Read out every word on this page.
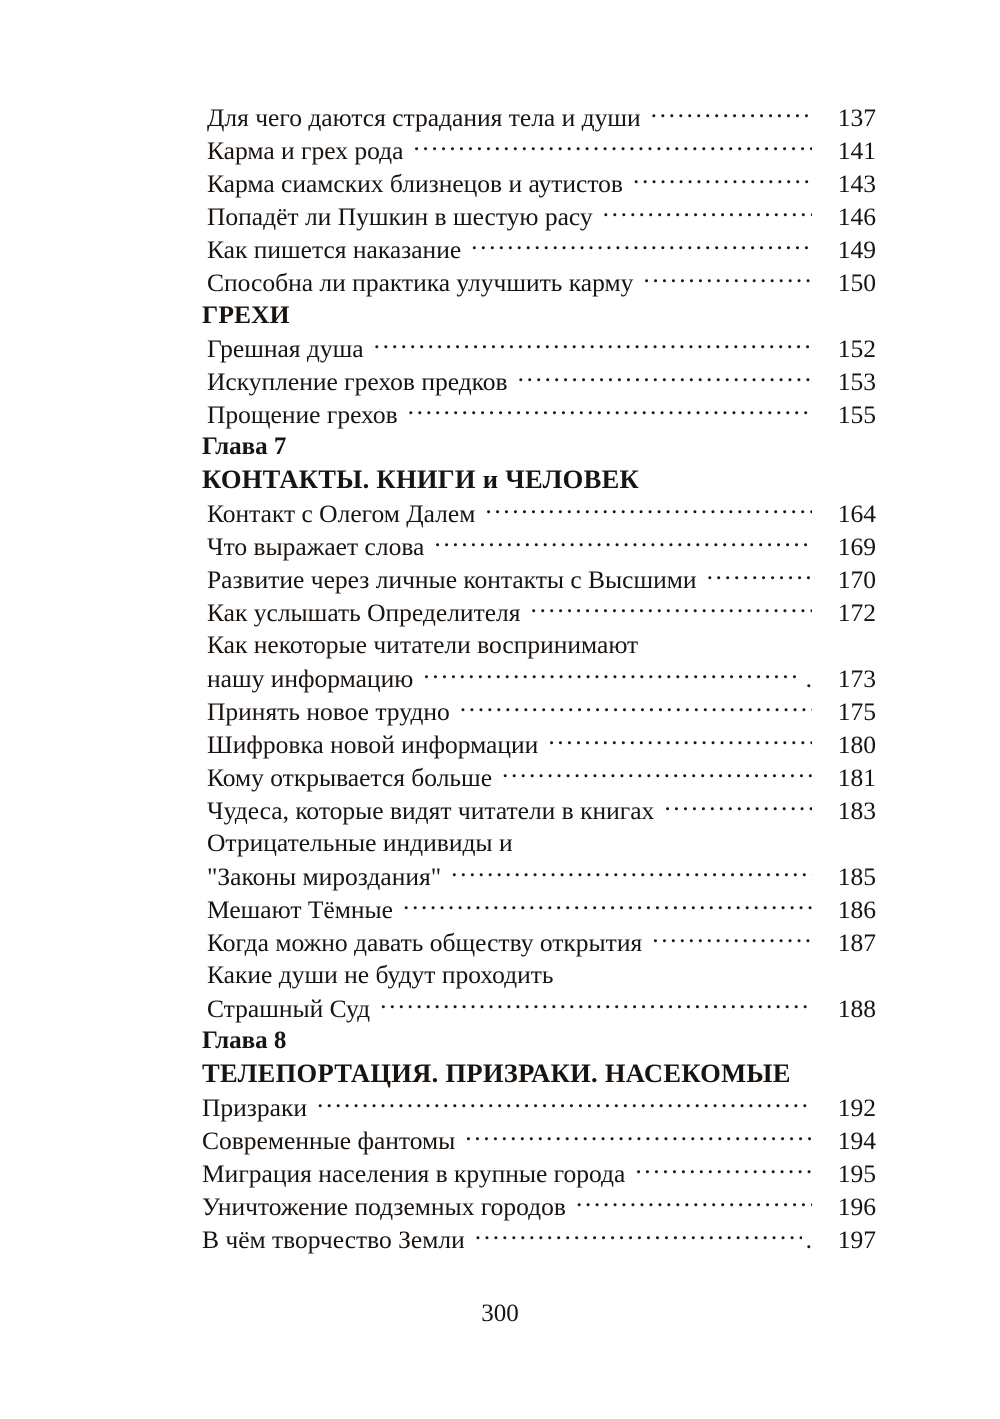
Для чего даются страдания тела и души .....	137
Карма и грех рода .....	141
Карма сиамских близнецов и аутистов .....	143
Попадёт ли Пушкин в шестую расу .....	146
Как пишется наказание .....	149
Способна ли практика улучшить карму .....	150
ГРЕХИ
Грешная душа .....	152
Искупление грехов предков .....	153
Прощение грехов .....	155
Глава 7
КОНТАКТЫ. КНИГИ и ЧЕЛОВЕК
Контакт с Олегом Далем .....	164
Что выражает слова .....	169
Развитие через личные контакты с Высшими .....	170
Как услышать Определителя .....	172
Как некоторые читатели воспринимают
нашу информацию .....	.	173
Принять новое трудно .....	175
Шифровка новой информации .....	180
Кому открывается больше .....	181
Чудеса, которые видят читатели в книгах .....	183
Отрицательные индивиды и
"Законы мироздания" .....	185
Мешают Тёмные .....	186
Когда можно давать обществу открытия .....	187
Какие души не будут проходить
Страшный Суд .....	188
Глава 8
ТЕЛЕПОРТАЦИЯ. ПРИЗРАКИ. НАСЕКОМЫЕ
Призраки .....	192
Современные фантомы .....	194
Миграция населения в крупные города .....	195
Уничтожение подземных городов .....	196
В чём творчество Земли .....	.	197
300
